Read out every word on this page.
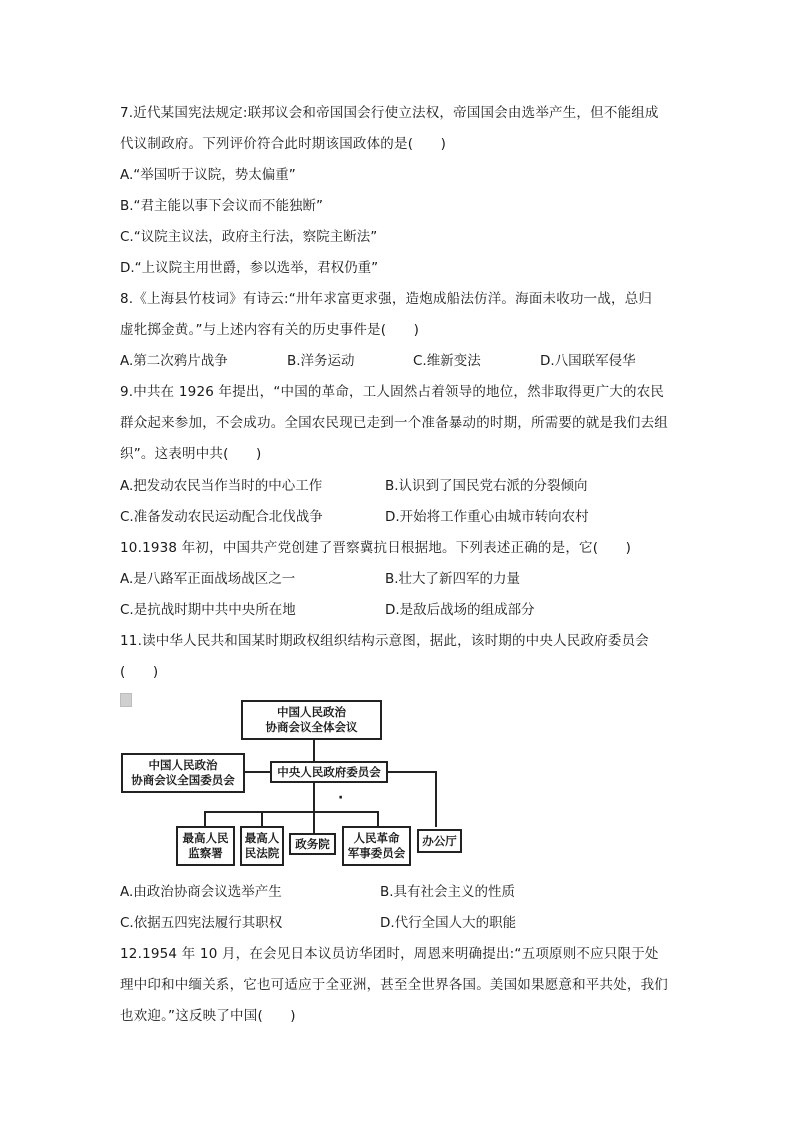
7.近代某国宪法规定:联邦议会和帝国国会行使立法权，帝国国会由选举产生，但不能组成
代议制政府。下列评价符合此时期该国政体的是(　　)
A.“举国听于议院，势太偏重”
B.“君主能以事下会议而不能独断”
C.“议院主议法，政府主行法，察院主断法”
D.“上议院主用世爵，参以选举，君权仍重”
8.《上海县竹枝词》有诗云:“卅年求富更求强，造炮成船法仿洋。海面未收功一战，总归
虚牝掷金黄。”与上述内容有关的历史事件是(　　)
A.第二次鸦片战争	B.洋务运动	C.维新变法	D.八国联军侵华
9.中共在 1926 年提出，“中国的革命，工人固然占着领导的地位，然非取得更广大的农民
群众起来参加，不会成功。全国农民现已走到一个准备暴动的时期，所需要的就是我们去组
织”。这表明中共(　　)
A.把发动农民当作当时的中心工作	B.认识到了国民党右派的分裂倾向
C.准备发动农民运动配合北伐战争	D.开始将工作重心由城市转向农村
10.1938 年初，中国共产党创建了晋察冀抗日根据地。下列表述正确的是，它(　　)
A.是八路军正面战场战区之一	B.壮大了新四军的力量
C.是抗战时期中共中央所在地	D.是敌后战场的组成部分
11.读中华人民共和国某时期政权组织结构示意图，据此，该时期的中央人民政府委员会
(　　)
中国人民政治
协商会议全体会议
中国人民政治
协商会议全国委员会
中央人民政府委员会
·
最高人民
监察署
最高人
民法院
政务院 人民革命
军事委员会
办公厅
A.由政治协商会议选举产生	B.具有社会主义的性质
C.依据五四宪法履行其职权	D.代行全国人大的职能
12.1954 年 10 月，在会见日本议员访华团时，周恩来明确提出:“五项原则不应只限于处
理中印和中缅关系，它也可适应于全亚洲，甚至全世界各国。美国如果愿意和平共处，我们
也欢迎。”这反映了中国(　　)
